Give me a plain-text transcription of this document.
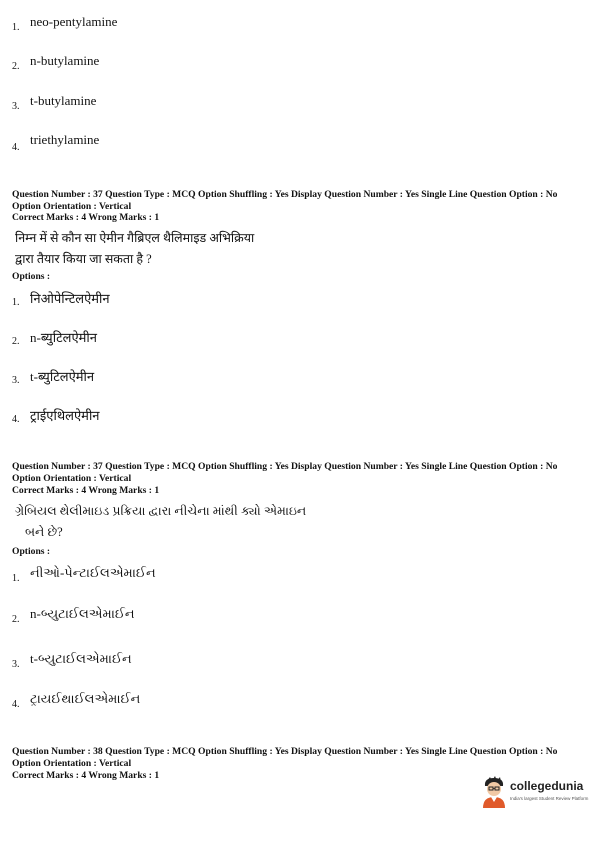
1. neo-pentylamine
2. n-butylamine
3. t-butylamine
4.
triethylamine
Question Number : 37 Question Type : MCQ Option Shuffling : Yes Display Question Number : Yes Single Line Question Option : No Option Orientation : Vertical
Correct Marks : 4 Wrong Marks : 1
निम्न में से कौन सा ऐमीन गैब्रिएल थैलिमाइड अभिक्रिया
द्वारा तैयार किया जा सकता है ?
Options :
1. निओपेन्टिलऐमीन
2. n-ब्युटिलऐमीन
3. t-ब्युटिलऐमीन
4. ट्राईएथिलऐमीन
Question Number : 37 Question Type : MCQ Option Shuffling : Yes Display Question Number : Yes Single Line Question Option : No Option Orientation : Vertical
Correct Marks : 4 Wrong Marks : 1
ગ્રેબિયલ થેલીમાઇડ પ્રક્રિયા દ્વારા નીચેના માંથી ક્યો એમાઇન
બને છે?
Options :
1. નીઓ-પેન્ટાઈલએમાઈન
2. n-બ્યુટાઈલએમાઈન
3. t-બ્યુટાઈલએમાઈન
4. ટ્રાયઈથાઈલએમાઈન
Question Number : 38 Question Type : MCQ Option Shuffling : Yes Display Question Number : Yes Single Line Question Option : No Option Orientation : Vertical
Correct Marks : 4 Wrong Marks : 1
collegedunia
India's largest Student Review Platform
